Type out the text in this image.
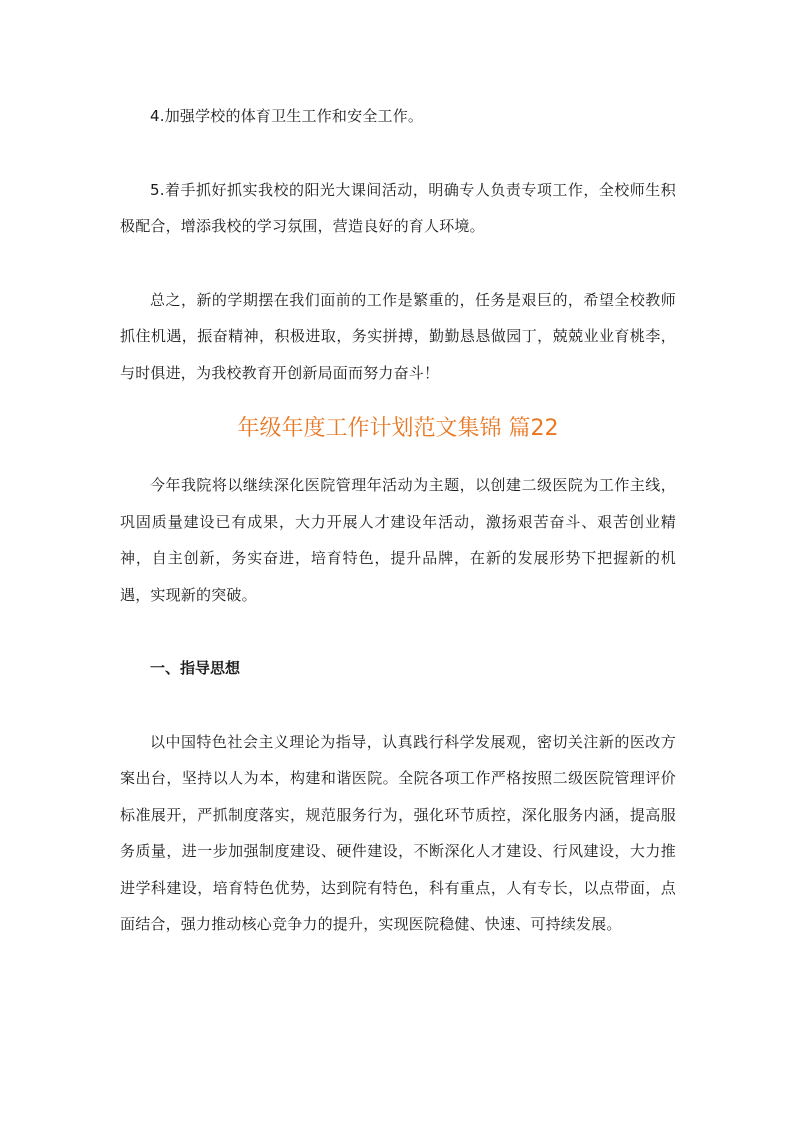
4.加强学校的体育卫生工作和安全工作。

5.着手抓好抓实我校的阳光大课间活动，明确专人负责专项工作，全校师生积极配合，增添我校的学习氛围，营造良好的育人环境。

总之，新的学期摆在我们面前的工作是繁重的，任务是艰巨的，希望全校教师抓住机遇，振奋精神，积极进取，务实拼搏，勤勤恳恳做园丁，兢兢业业育桃李，与时俱进，为我校教育开创新局面而努力奋斗！

年级年度工作计划范文集锦 篇22

今年我院将以继续深化医院管理年活动为主题，以创建二级医院为工作主线，巩固质量建设已有成果，大力开展人才建设年活动，激扬艰苦奋斗、艰苦创业精神，自主创新，务实奋进，培育特色，提升品牌，在新的发展形势下把握新的机遇，实现新的突破。

一、指导思想

以中国特色社会主义理论为指导，认真践行科学发展观，密切关注新的医改方案出台，坚持以人为本，构建和谐医院。全院各项工作严格按照二级医院管理评价标准展开，严抓制度落实，规范服务行为，强化环节质控，深化服务内涵，提高服务质量，进一步加强制度建设、硬件建设，不断深化人才建设、行风建设，大力推进学科建设，培育特色优势，达到院有特色，科有重点，人有专长，以点带面，点面结合，强力推动核心竞争力的提升，实现医院稳健、快速、可持续发展。
